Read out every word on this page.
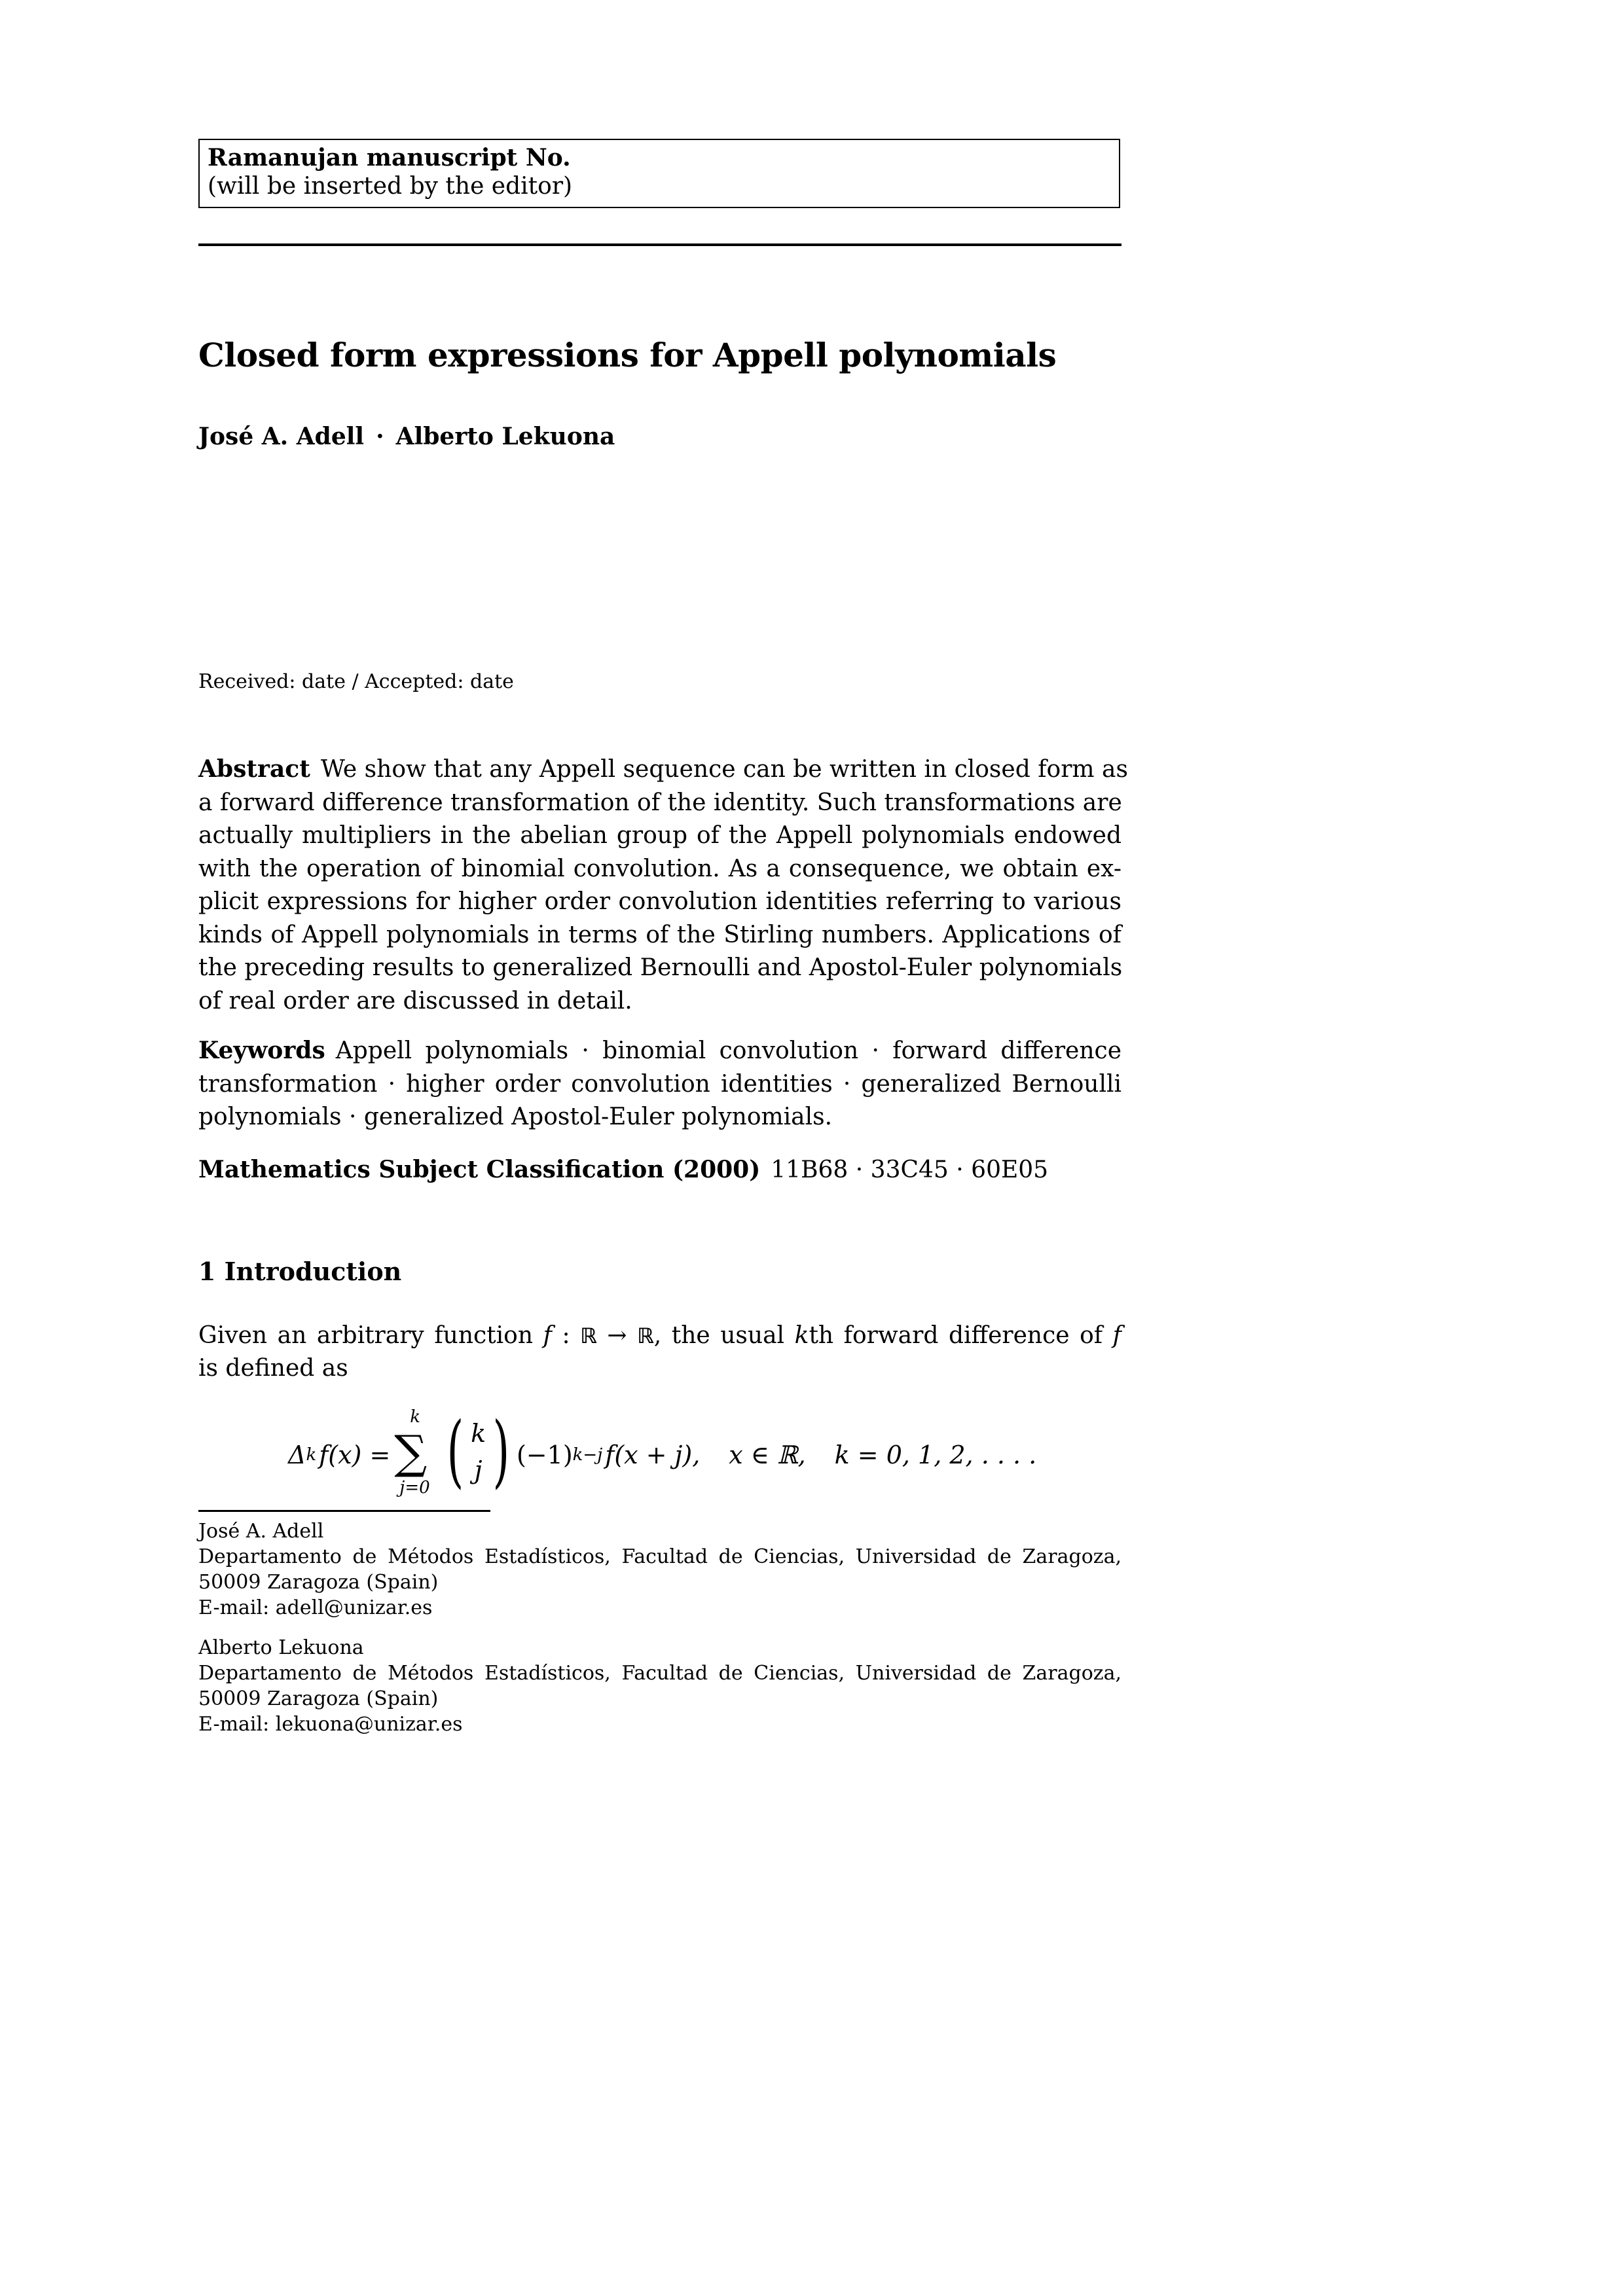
Ramanujan manuscript No.
(will be inserted by the editor)
Closed form expressions for Appell polynomials
José A. Adell · Alberto Lekuona
Received: date / Accepted: date
Abstract We show that any Appell sequence can be written in closed form as
a forward difference transformation of the identity. Such transformations are
actually multipliers in the abelian group of the Appell polynomials endowed
with the operation of binomial convolution. As a consequence, we obtain ex-
plicit expressions for higher order convolution identities referring to various
kinds of Appell polynomials in terms of the Stirling numbers. Applications of
the preceding results to generalized Bernoulli and Apostol-Euler polynomials
of real order are discussed in detail.
Keywords Appell polynomials · binomial convolution · forward difference
transformation · higher order convolution identities · generalized Bernoulli
polynomials · generalized Apostol-Euler polynomials.
Mathematics Subject Classification (2000) 11B68 · 33C45 · 60E05
1 Introduction
Given an arbitrary function f : ℝ → ℝ, the usual kth forward difference of f
is defined as
Δ k f(x) =
k
∑
j=0 ( k
j ) (−1) k−j f(x + j), x ∈ ℝ, k = 0, 1, 2, . . . .
José A. Adell
Departamento de Métodos Estadísticos, Facultad de Ciencias, Universidad de Zaragoza,
50009 Zaragoza (Spain)
E-mail: adell@unizar.es
Alberto Lekuona
Departamento de Métodos Estadísticos, Facultad de Ciencias, Universidad de Zaragoza,
50009 Zaragoza (Spain)
E-mail: lekuona@unizar.es
